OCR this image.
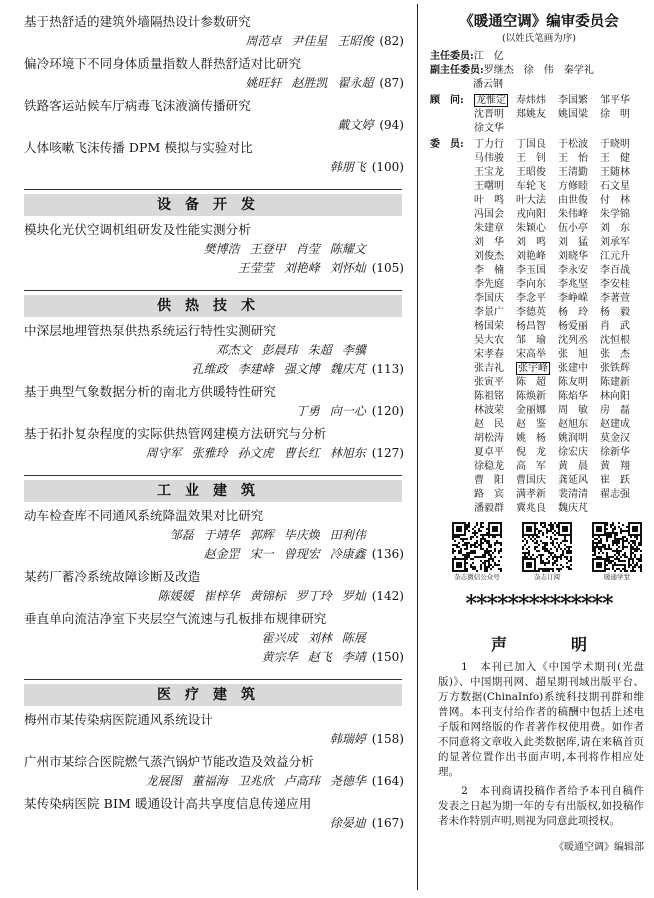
基于热舒适的建筑外墙隔热设计参数研究
周范卓 尹佳星 王昭俊 (82)
偏冷环境下不同身体质量指数人群热舒适对比研究
姚旺轩 赵胜凯 翟永超 (87)
铁路客运站候车厅病毒飞沫液滴传播研究
戴文婷 (94)
人体咳嗽飞沫传播 DPM 模拟与实验对比
韩朋飞 (100)
设备开发
模块化光伏空调机组研发及性能实测分析
樊博浩 王登甲 肖莹 陈耀文
王莹莹 刘艳峰 刘怀灿 (105)
供热技术
中深层地埋管热泵供热系统运行特性实测研究
邓杰文 彭晨玮 朱超 李骥
孔维政 李建峰 强文博 魏庆芃 (113)
基于典型气象数据分析的南北方供暖特性研究
丁勇 向一心 (120)
基于拓扑复杂程度的实际供热管网建模方法研究与分析
周守军 张雅玲 孙文虎 曹长红 林旭东 (127)
工业建筑
动车检查库不同通风系统降温效果对比研究
邹磊 于靖华 郭辉 毕庆焕 田利伟
赵金罡 宋一 曾现宏 冷康鑫 (136)
某药厂蓄冷系统故障诊断及改造
陈媛媛 崔梓华 黄锦标 罗丁玲 罗灿 (142)
垂直单向流洁净室下夹层空气流速与孔板排布规律研究
霍兴成 刘林 陈展
黄宗华 赵飞 李靖 (150)
医疗建筑
梅州市某传染病医院通风系统设计
韩瑞婷 (158)
广州市某综合医院燃气蒸汽锅炉节能改造及效益分析
龙展图 董福海 卫兆欣 卢高玮 尧德华 (164)
某传染病医院 BIM 暖通设计高共享度信息传递应用
徐晏迪 (167)
《暖通空调》编审委员会
(以姓氏笔画为序)
主任委员:江　亿
副主任委员:罗继杰　徐　伟　秦学礼
潘云钢
顾　问:	龙惟定	寿炜炜	李国繁	邹平华
沈晋明	郑姚友	姚国梁	徐　明
徐文华
委　员:	丁力行	丁国良	于松波	于晓明
马伟骏	王　钊	王　怡	王　健
王宝龙	王昭俊	王清勤	王随林
王曙明	车轮飞	方修睦	石文星
叶　鸣	叶大法	由世俊	付　林
冯国会	戎向阳	朱伟峰	朱学锦
朱建章	朱颖心	伍小亭	刘　东
刘　华	刘　鸣	刘　猛	刘承军
刘俊杰	刘艳峰	刘晓华	江元升
李　楠	李玉国	李永安	李百战
李先庭	李向东	李兆坚	李安桂
李国庆	李念平	李峥嵘	李著萱
李景广	李德英	杨　玲	杨　毅
杨国荣	杨昌智	杨爱丽	肖　武
吴大农	邹　瑜	沈列丞	沈恒根
宋孝春	宋高举	张　旭	张　杰
张吉礼	张宇峰	张建中	张铁辉
张寅平	陈　超	陈友明	陈建新
陈祖铭	陈焕新	陈焰华	林向阳
林波荣	金丽娜	周　敏	房　磊
赵　民	赵　鉴	赵旭东	赵建成
胡松涛	姚　杨	姚润明	莫金汉
夏卓平	倪　龙	徐宏庆	徐新华
徐稳龙	高　军	黄　晨	黄　翔
曹　阳	曹国庆	龚延风	崔　跃
路　宾	满孝新	裴清清	翟志强
潘毅群	冀兆良	魏庆芃
杂志微信公众号	杂志订阅	暖通学堂
**************
声　明

1　本刊已加入《中国学术期刊(光盘版)》、中国期刊网、超星期刊域出版平台、万方数据(ChinaInfo)系统科技期刊群和维普网。本刊支付给作者的稿酬中包括上述电子版和网络版的作者著作权使用费。如作者不同意将文章收入此类数据库,请在来稿首页的显著位置作出书面声明,本刊将作相应处理。

2　本刊商请投稿作者给予本刊自稿件发表之日起为期一年的专有出版权,如投稿作者未作特别声明,则视为同意此项授权。

《暖通空调》编辑部
